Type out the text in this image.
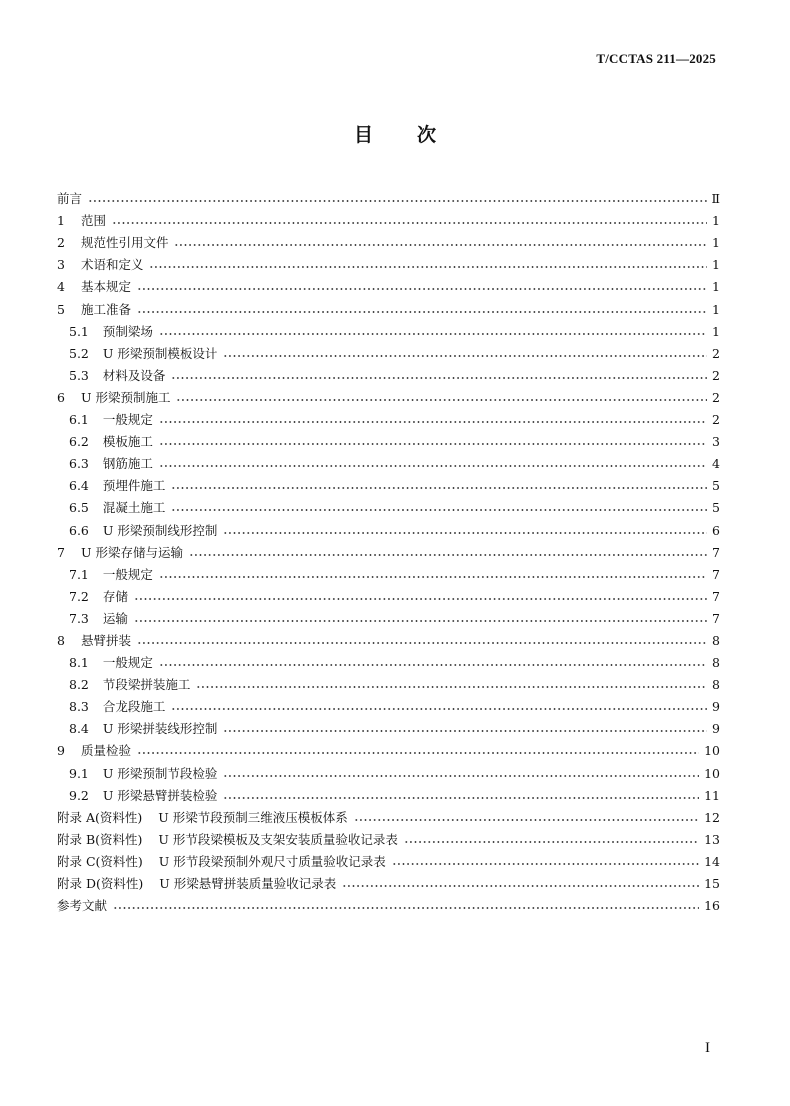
T/CCTAS 211—2025
目次
前言	Ⅱ
1 范围	1
2 规范性引用文件	1
3 术语和定义	1
4 基本规定	1
5 施工准备	1
5.1 预制梁场	1
5.2 U 形梁预制模板设计	2
5.3 材料及设备	2
6 U 形梁预制施工	2
6.1 一般规定	2
6.2 模板施工	3
6.3 钢筋施工	4
6.4 预埋件施工	5
6.5 混凝土施工	5
6.6 U 形梁预制线形控制	6
7 U 形梁存储与运输	7
7.1 一般规定	7
7.2 存储	7
7.3 运输	7
8 悬臂拼装	8
8.1 一般规定	8
8.2 节段梁拼装施工	8
8.3 合龙段施工	9
8.4 U 形梁拼装线形控制	9
9 质量检验	10
9.1 U 形梁预制节段检验	10
9.2 U 形梁悬臂拼装检验	11
附录 A(资料性) U 形梁节段预制三维液压模板体系	12
附录 B(资料性) U 形节段梁模板及支架安装质量验收记录表	13
附录 C(资料性) U 形节段梁预制外观尺寸质量验收记录表	14
附录 D(资料性) U 形梁悬臂拼装质量验收记录表	15
参考文献	16
I
